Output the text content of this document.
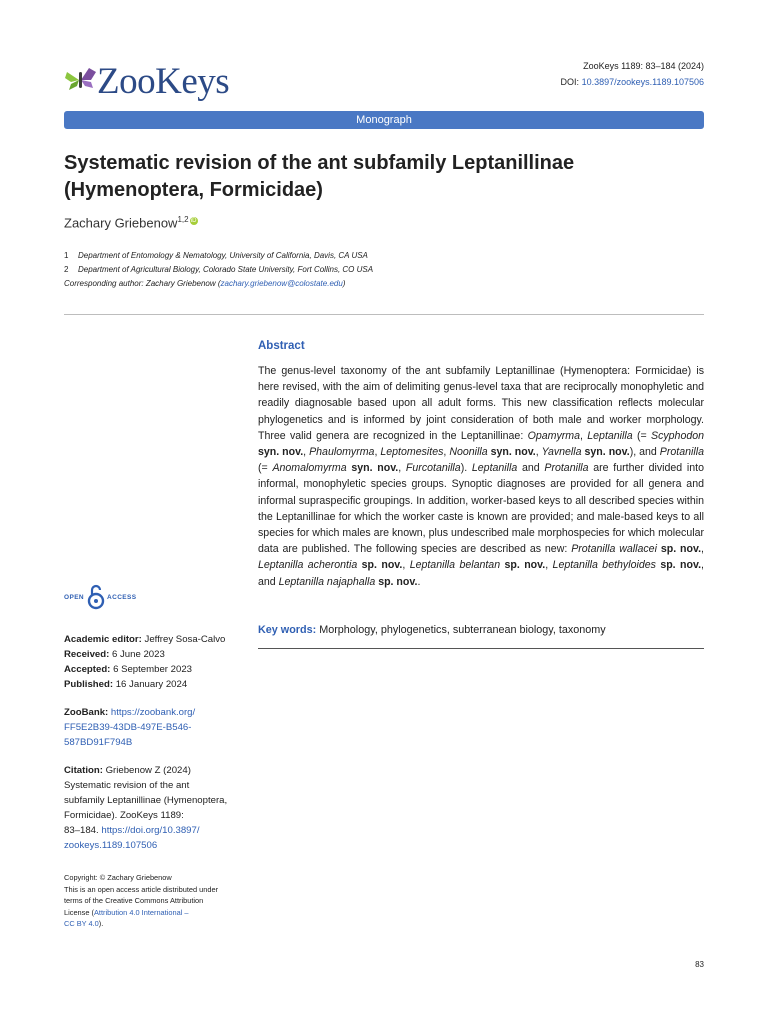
ZooKeys	ZooKeys 1189: 83–184 (2024)
DOI: 10.3897/zookeys.1189.107506
Monograph
Systematic revision of the ant subfamily Leptanillinae (Hymenoptera, Formicidae)
Zachary Griebenow$^{1,2}$ iD
1 Department of Entomology & Nematology, University of California, Davis, CA USA
2 Department of Agricultural Biology, Colorado State University, Fort Collins, CO USA
Corresponding author: Zachary Griebenow (zachary.griebenow@colostate.edu)
Abstract
The genus-level taxonomy of the ant subfamily Leptanillinae (Hymenoptera: Formicidae) is here revised, with the aim of delimiting genus-level taxa that are reciprocally monophyletic and readily diagnosable based upon all adult forms. This new classification reflects molecular phylogenetics and is informed by joint consideration of both male and worker morphology. Three valid genera are recognized in the Leptanillinae: Opamyrma, Leptanilla (= Scyphodon syn. nov., Phaulomyrma, Leptomesites, Noonilla syn. nov., Yavnella syn. nov.), and Protanilla (= Anomalomyrma syn. nov., Furcotanilla). Leptanilla and Protanilla are further divided into informal, monophyletic species groups. Synoptic diagnoses are provided for all genera and informal supraspecific groupings. In addition, worker-based keys to all described species within the Leptanillinae for which the worker caste is known are provided; and male-based keys to all species for which males are known, plus undescribed male morphospecies for which molecular data are published. The following species are described as new: Protanilla wallacei sp. nov., Leptanilla acherontia sp. nov., Leptanilla belantan sp. nov., Leptanilla bethyloides sp. nov., and Leptanilla najaphalla sp. nov..
Key words: Morphology, phylogenetics, subterranean biology, taxonomy
OPEN	ACCESS
Academic editor: Jeffrey Sosa-Calvo
Received: 6 June 2023
Accepted: 6 September 2023
Published: 16 January 2024
ZooBank: https://zoobank.org/
FF5E2B39-43DB-497E-B546-
587BD91F794B
Citation: Griebenow Z (2024)
Systematic revision of the ant
subfamily Leptanillinae (Hymenoptera,
Formicidae). ZooKeys 1189:
83–184. https://doi.org/10.3897/
zookeys.1189.107506
Copyright: © Zachary Griebenow
This is an open access article distributed under
terms of the Creative Commons Attribution
License (Attribution 4.0 International –
CC BY 4.0).
83
